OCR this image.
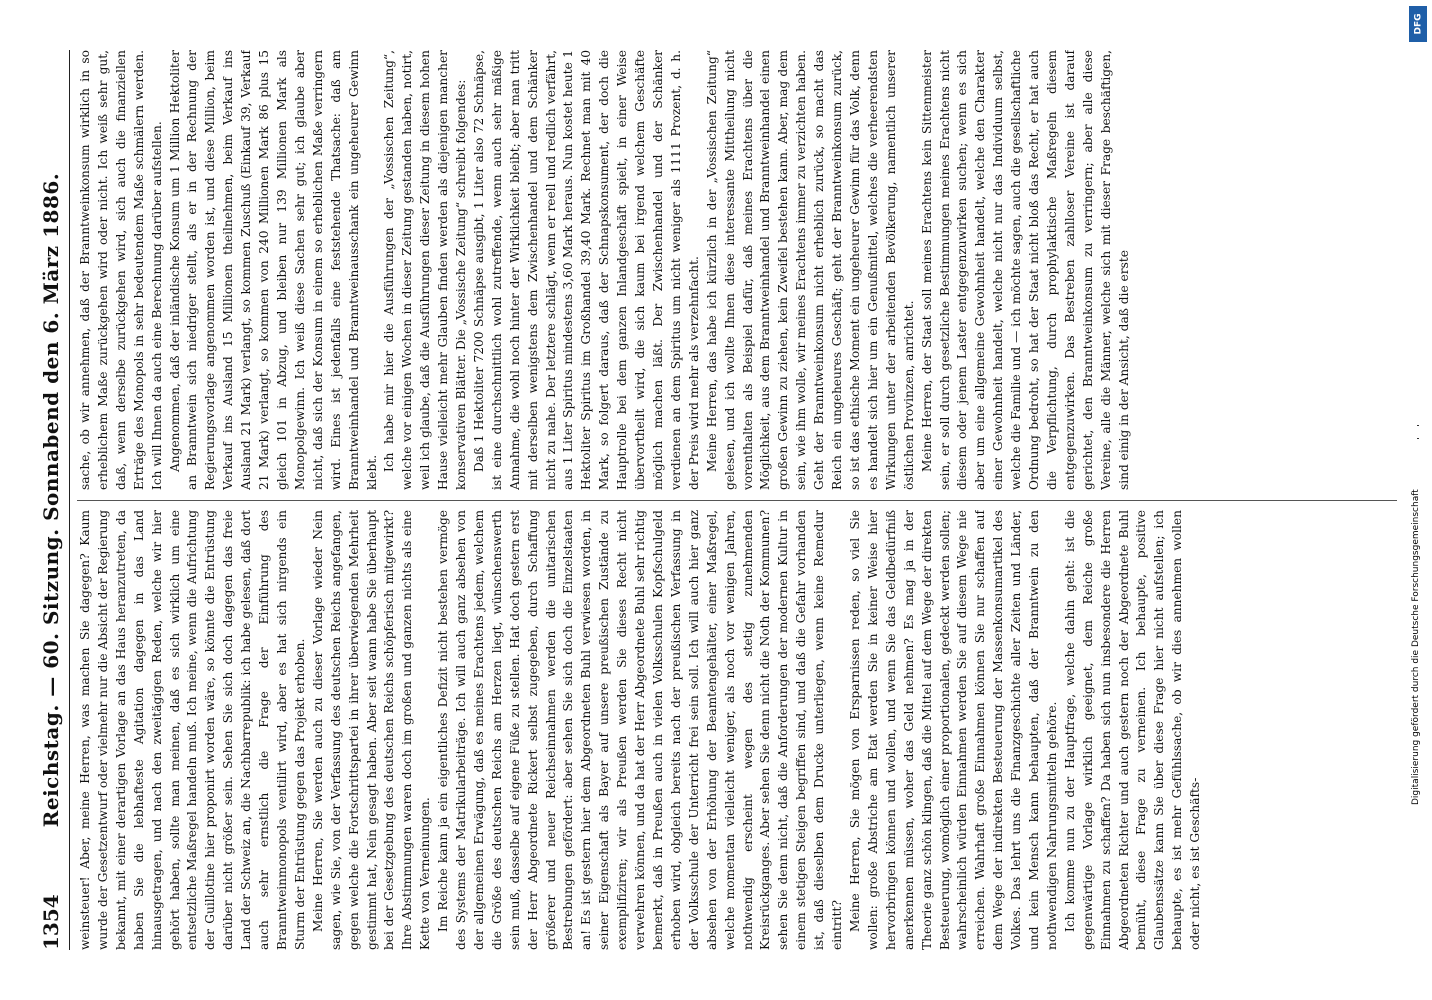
1354
Reichstag. — 60. Sitzung. Sonnabend den 6. März 1886. weinsteuer! Aber, meine Herren, was machen Sie dagegen? Kaum wurde der Gesetzentwurf oder vielmehr nur die Absicht der Regierung bekannt, mit einer derartigen Vorlage an das Haus heranzutreten, da haben Sie die lebhafteste Agitation dagegen in das Land hinausgetragen, und nach den zweitägigen Reden, welche wir hier gehört haben, sollte man meinen, daß es sich wirklich um eine entsetzliche Maßregel handeln muß. Ich meine, wenn die Aufrichtung der Guillotine hier proponirt worden wäre, so könnte die Entrüstung darüber nicht größer sein. Sehen Sie sich doch dagegen das freie Land der Schweiz an, die Nachbarrepublik: ich habe gelesen, daß dort auch sehr ernstlich die Frage der Einführung des Branntweinmonopols ventilirt wird, aber es hat sich nirgends ein Sturm der Entrüstung gegen das Projekt erhoben. Meine Herren, Sie werden auch zu dieser Vorlage wieder Nein sagen, wie Sie, von der Verfassung des deutschen Reichs angefangen, gegen welche die Fortschrittspartei in ihrer überwiegenden Mehrheit gestimmt hat, Nein gesagt haben. Aber seit wann habe Sie überhaupt bei der Gesetzgebung des deutschen Reichs schöpferisch mitgewirkt? Ihre Abstimmungen waren doch im großen und ganzen nichts als eine Kette von Verneinungen. Im Reiche kann ja ein eigentliches Defizit nicht bestehen vermöge des Systems der Matrikularbeiträge. Ich will auch ganz absehen von der allgemeinen Erwägung, daß es meines Erachtens jedem, welchem die Größe des deutschen Reichs am Herzen liegt, wünschenswerth sein muß, dasselbe auf eigene Füße zu stellen. Hat doch gestern erst der Herr Abgeordnete Rickert selbst zugegeben, durch Schaffung größerer und neuer Reichseinnahmen werden die unitarischen Bestrebungen gefördert: aber sehen Sie sich doch die Einzelstaaten an! Es ist gestern hier dem Abgeordneten Buhl verwiesen worden, in seiner Eigenschaft als Bayer auf unsere preußischen Zustände zu exemplifiziren; wir als Preußen werden Sie dieses Recht nicht verwehren können, und da hat der Herr Abgeordnete Buhl sehr richtig bemerkt, daß in Preußen auch in vielen Volksschulen Kopfschulgeld erhoben wird, obgleich bereits nach der preußischen Verfassung in der Volksschule der Unterricht frei sein soll. Ich will auch hier ganz absehen von der Erhöhung der Beamtengehälter, einer Maßregel, welche momentan vielleicht weniger, als noch vor wenigen Jahren, nothwendig erscheint wegen des stetig zunehmenden Kreisrückganges. Aber sehen Sie denn nicht die Noth der Kommunen? sehen Sie denn nicht, daß die Anforderungen der modernen Kultur in einem stetigen Steigen begriffen sind, und daß die Gefahr vorhanden ist, daß dieselben dem Drucke unterliegen, wenn keine Remedur eintritt? Meine Herren, Sie mögen von Ersparnissen reden, so viel Sie wollen: große Abstriche am Etat werden Sie in keiner Weise hier hervorbringen können und wollen, und wenn Sie das Geldbedürfniß anerkennen müssen, woher das Geld nehmen? Es mag ja in der Theorie ganz schön klingen, daß die Mittel auf dem Wege der direkten Besteuerung, womöglich einer proportionalen, gedeckt werden sollen; wahrscheinlich würden Einnahmen werden Sie auf diesem Wege nie erreichen. Wahrhaft große Einnahmen können Sie nur schaffen auf dem Wege der indirekten Besteuerung der Massenkonsumartikel des Volkes. Das lehrt uns die Finanzgeschichte aller Zeiten und Länder, und kein Mensch kann behaupten, daß der Branntwein zu den nothwendigen Nahrungsmitteln gehöre. Ich komme nun zu der Hauptfrage, welche dahin geht: ist die gegenwärtige Vorlage wirklich geeignet, dem Reiche große Einnahmen zu schaffen? Da haben sich nun insbesondere die Herren Abgeordneten Richter und auch gestern noch der Abgeordnete Buhl bemüht, diese Frage zu verneinen. Ich behaupte, positive Glaubenssätze kann Sie über diese Frage hier nicht aufstellen; ich behaupte, es ist mehr Gefühlssache, ob wir dies annehmen wollen oder nicht, es ist Geschäfts-

sache, ob wir annehmen, daß der Branntweinkonsum wirklich in so erheblichem Maße zurückgehen wird oder nicht. Ich weiß sehr gut, daß, wenn derselbe zurückgehen wird, sich auch die finanziellen Erträge des Monopols in sehr bedeutendem Maße schmälern werden. Ich will Ihnen da auch eine Berechnung darüber aufstellen. Angenommen, daß der inländische Konsum um 1 Million Hektoliter an Branntwein sich niedriger stellt, als er in der Rechnung der Regierungsvorlage angenommen worden ist, und diese Million, beim Verkauf ins Ausland 15 Millionen theilnehmen, beim Verkauf ins Ausland 21 Mark) verlangt, so kommen Zuschuß (Einkauf 39, Verkauf 21 Mark) verlangt, so kommen von 240 Millionen Mark 86 plus 15 gleich 101 in Abzug, und bleiben nur 139 Millionen Mark als Monopolgewinn. Ich weiß diese Sachen sehr gut; ich glaube aber nicht, daß sich der Konsum in einem so erheblichen Maße verringern wird. Eines ist jedenfalls eine feststehende Thatsache: daß am Branntweinhandel und Branntweinausschank ein ungeheurer Gewinn klebt.

Ich habe mir hier die Ausführungen der „Vossischen Zeitung“, welche vor einigen Wochen in dieser Zeitung gestanden haben, notirt, weil ich glaube, daß die Ausführungen dieser Zeitung in diesem hohen Hause vielleicht mehr Glauben finden werden als diejenigen mancher konservativen Blätter. Die „Vossische Zeitung“ schreibt folgendes: Daß 1 Hektoliter 7200 Schnäpse ausgibt, 1 Liter also 72 Schnäpse, ist eine durchschnittlich wohl zutreffende, wenn auch sehr mäßige Annahme, die wohl noch hinter der Wirklichkeit bleibt; aber man tritt mit derselben wenigstens dem Zwischenhandel und dem Schänker nicht zu nahe. Der letztere schlägt, wenn er reell und redlich verfährt, aus 1 Liter Spiritus mindestens 3,60 Mark heraus. Nun kostet heute 1 Hektoliter Spiritus im Großhandel 39,40 Mark. Rechnet man mit 40 Mark, so folgert daraus, daß der Schnapskonsument, der doch die Hauptrolle bei dem ganzen Inlandgeschäft spielt, in einer Weise übervortheilt wird, die sich kaum bei irgend welchem Geschäfte möglich machen läßt. Der Zwischenhandel und der Schänker verdienen an dem Spiritus um nicht weniger als 1111 Prozent, d. h. der Preis wird mehr als verzehnfacht. Meine Herren, das habe ich kürzlich in der „Vossischen Zeitung“ gelesen, und ich wollte Ihnen diese interessante Mittheilung nicht vorenthalten als Beispiel dafür, daß meines Erachtens über die Möglichkeit, aus dem Branntweinhandel und Branntweinhandel einen großen Gewinn zu ziehen, kein Zweifel bestehen kann. Aber, mag dem sein, wie ihm wolle, wir meines Erachtens immer zu verzichten haben. Geht der Branntweinkonsum nicht erheblich zurück, so macht das Reich ein ungeheures Geschäft; geht der Branntweinkonsum zurück, so ist das ethische Moment ein ungeheurer Gewinn für das Volk, denn es handelt sich hier um ein Genußmittel, welches die verheerendsten Wirkungen unter der arbeitenden Bevölkerung, namentlich unserer östlichen Provinzen, anrichtet. Meine Herren, der Staat soll meines Erachtens kein Sittenmeister sein, er soll durch gesetzliche Bestimmungen meines Erachtens nicht diesem oder jenem Laster entgegenzuwirken suchen; wenn es sich aber um eine allgemeine Gewohnheit handelt, welche den Charakter einer Gewohnheit handelt, welche nicht nur das Individuum selbst, welche die Familie und — ich möchte sagen, auch die gesellschaftliche Ordnung bedroht, so hat der Staat nicht bloß das Recht, er hat auch die Verpflichtung, durch prophylaktische Maßregeln diesem entgegenzuwirken. Das Bestreben zahlloser Vereine ist darauf gerichtet, den Branntweinkonsum zu verringern; aber alle diese Vereine, alle die Männer, welche sich mit dieser Frage beschäftigen, sind einig in der Ansicht, daß die erste

DFG
Digitalisierung gefördert durch die Deutsche Forschungsgemeinschaft
